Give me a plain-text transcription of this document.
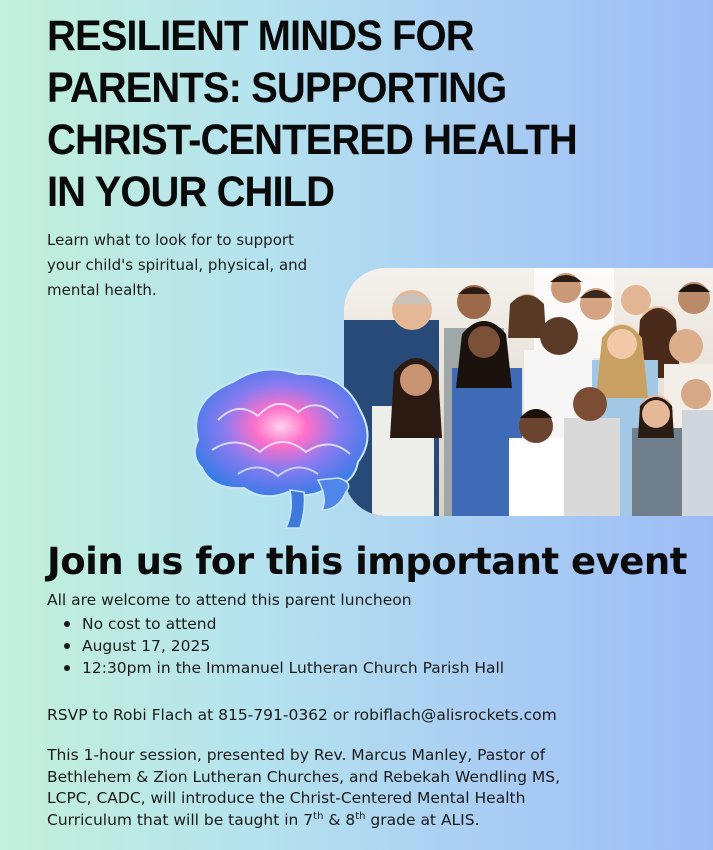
RESILIENT MINDS FOR
PARENTS: SUPPORTING
CHRIST-CENTERED HEALTH
IN YOUR CHILD
Learn what to look for to support
your child's spiritual, physical, and
mental health.
Join us for this important event
All are welcome to attend this parent luncheon
No cost to attend
August 17, 2025
12:30pm in the Immanuel Lutheran Church Parish Hall
RSVP to Robi Flach at 815-791-0362 or robiflach@alisrockets.com
This 1-hour session, presented by Rev. Marcus Manley, Pastor of
Bethlehem & Zion Lutheran Churches, and Rebekah Wendling MS,
LCPC, CADC, will introduce the Christ-Centered Mental Health
Curriculum that will be taught in 7th & 8th grade at ALIS.
